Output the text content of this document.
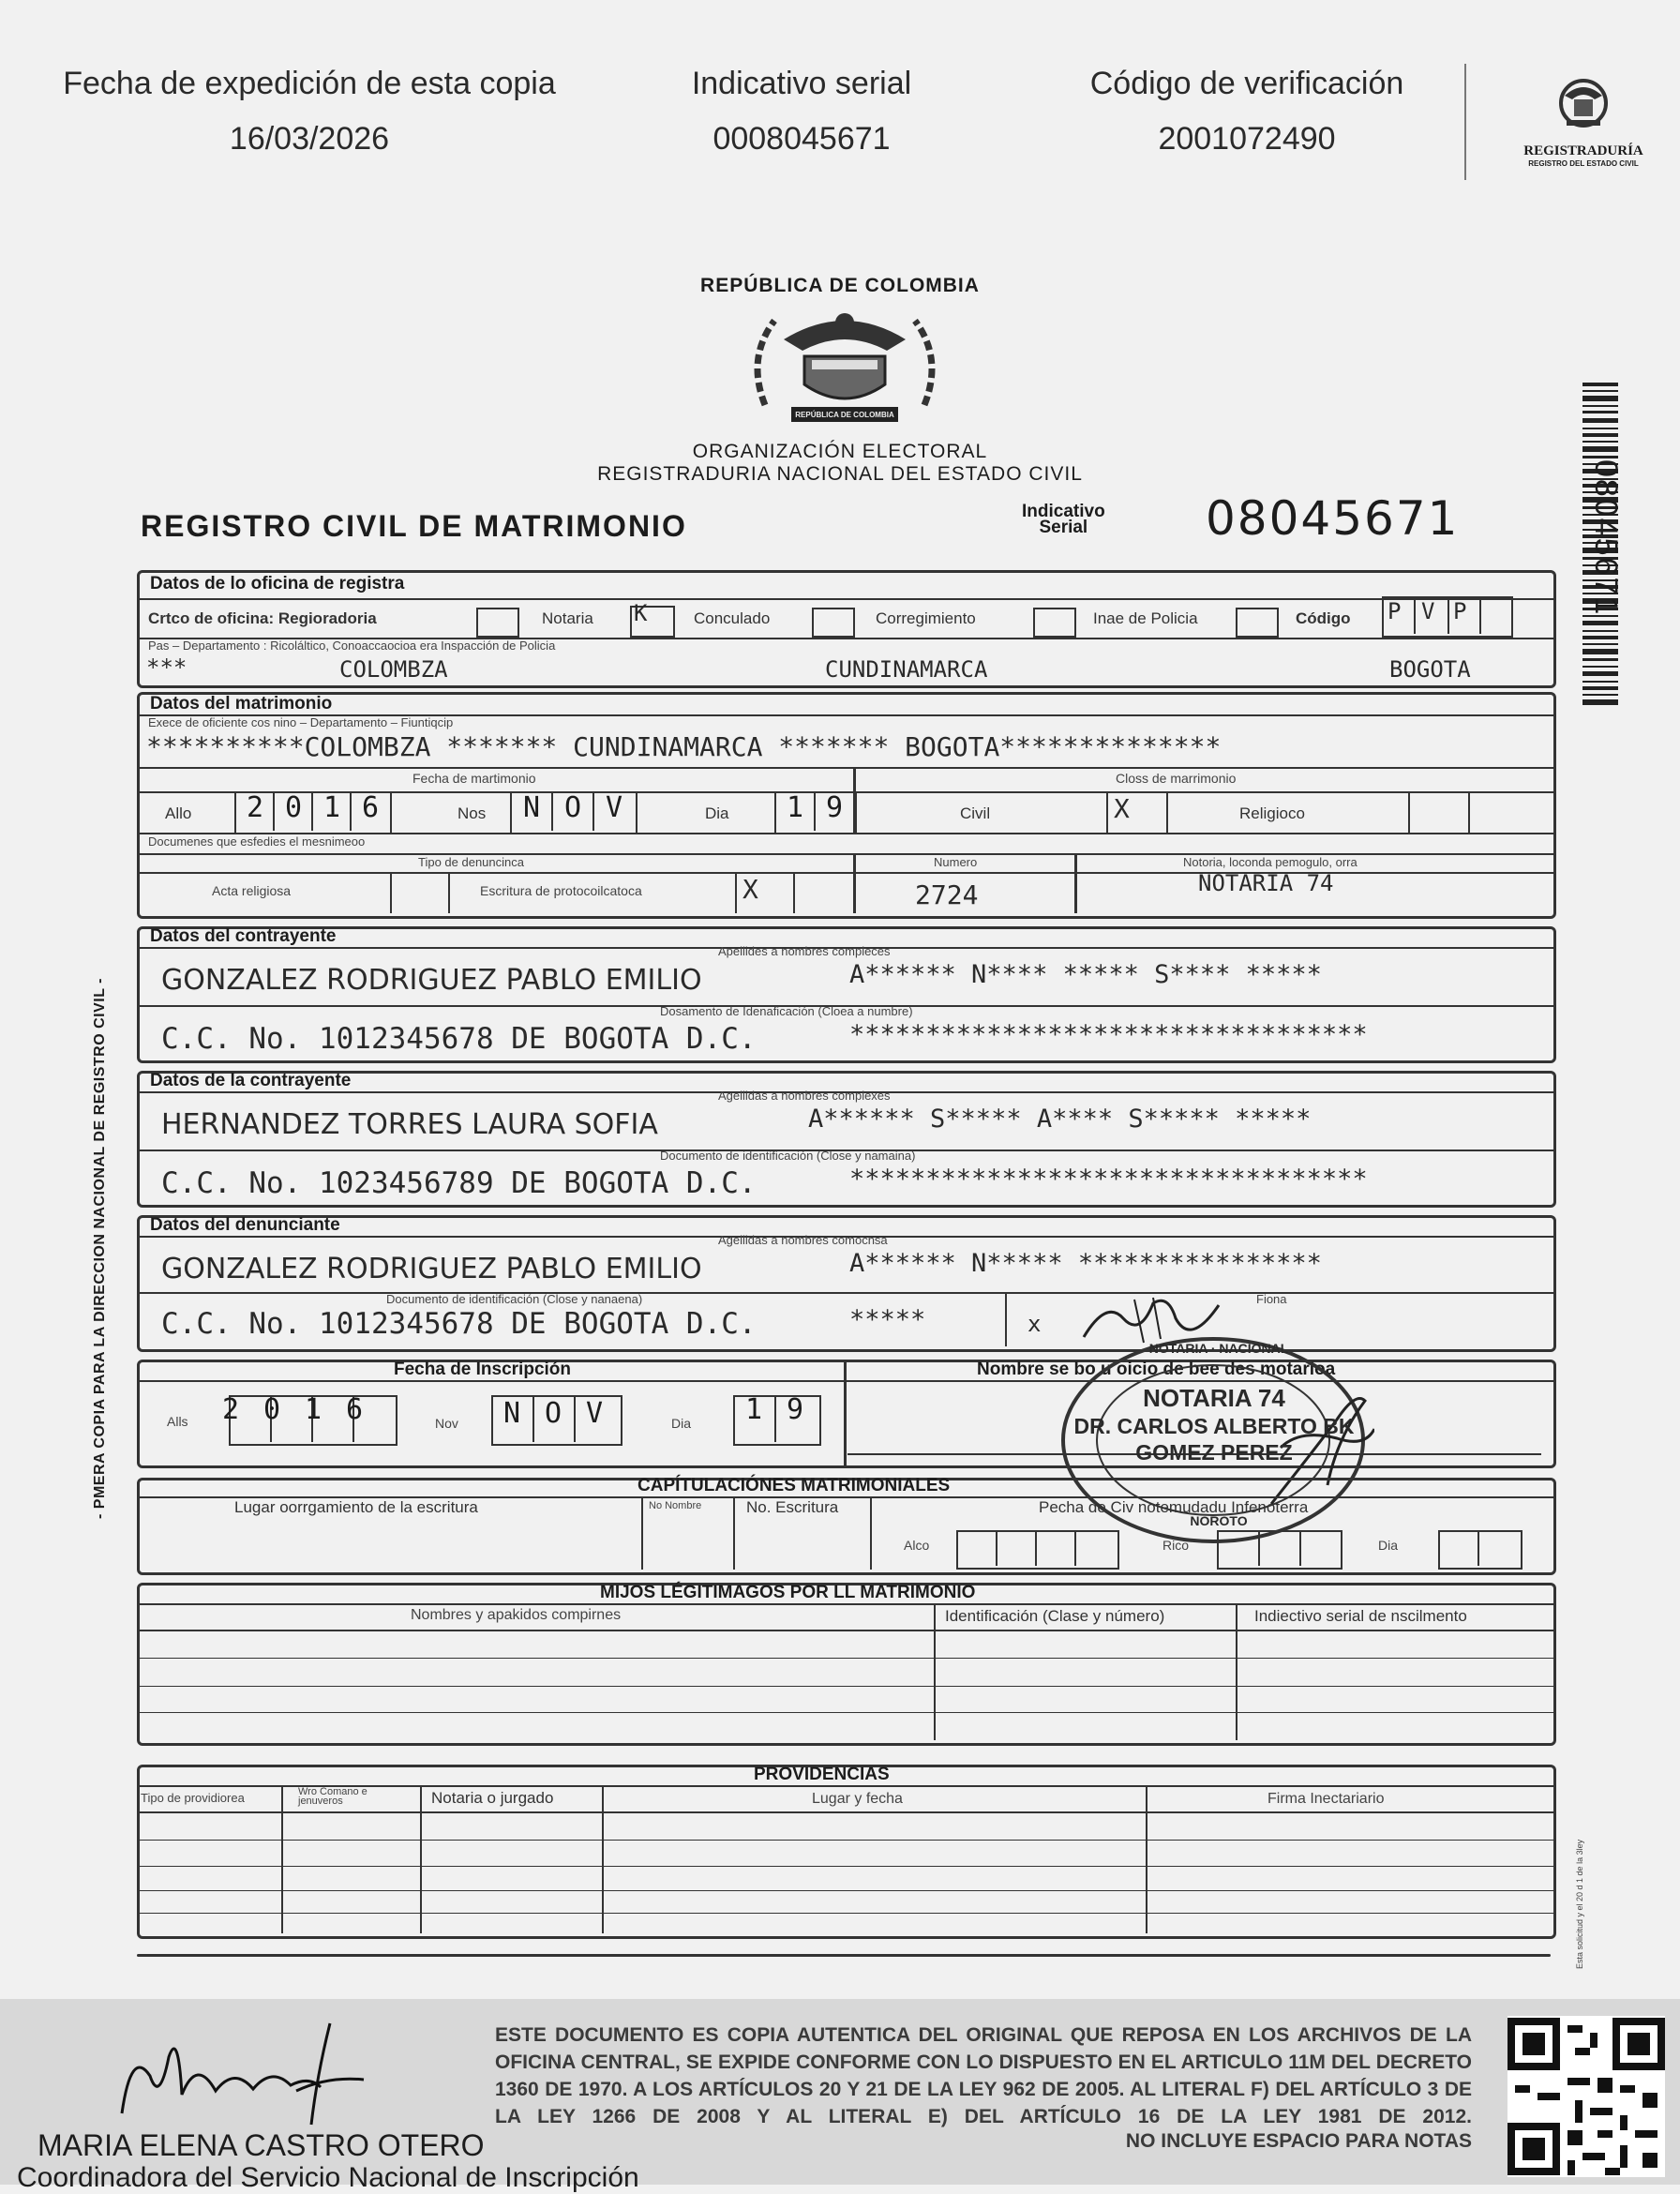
Fecha de expedición de esta copia
16/03/2026
Indicativo serial
0008045671
Código de verificación
2001072490	REGISTRADURÍA
REGISTRO DEL ESTADO CIVIL
REPÚBLICA DE COLOMBIA
REPÚBLICA DE COLOMBIA
ORGANIZACIÓN ELECTORAL
REGISTRADURIA NACIONAL DEL ESTADO CIVIL
REGISTRO CIVIL DE MATRIMONIO	Indicativo
Serial	08045671	08045671
- PMERA COPIA PARA LA DIRECCION NACIONAL DE REGISTRO CIVIL -
Datos de lo oficina de registra
Crtco de oficina: Regioradoria	Notaria K	Conculado	Corregimiento	Inae de Policia	Código P V P
Pas – Departamento : Ricoláltico, Conoaccaocioa era Inspacción de Policia
***	COLOMBZA	CUNDINAMARCA	BOGOTA
Datos del matrimonio
Exece de oficiente cos nino – Departamento – Fiuntiqcip
**********COLOMBZA ******* CUNDINAMARCA ******* BOGOTA**************
Fecha de martimonio	Closs de marrimonio
Allo 2 0 1 6	Nos	N O V	Dia 1 9	Civil	X	Religioco
Documenes que esfedies el mesnimeoo
Tipo de denuncinca	Numero	Notoria, loconda pemogulo, orra
Acta religiosa	Escritura de protocoilcatoca	X	2724	NOTARIA 74
Datos del contrayente
Apellides a nombres compleces
GONZALEZ RODRIGUEZ PABLO EMILIO	A****** N**** ***** S**** *****
Dosamento de Idenaficación (Cloea a numbre)
C.C. No. 1012345678 DE BOGOTA D.C.	**********************************
Datos de la contrayente
Agellidas a nombres complexes
HERNANDEZ TORRES LAURA SOFIA	A****** S***** A**** S***** *****
Documento de identificación (Close y namaina)
C.C. No. 1023456789 DE BOGOTA D.C.	**********************************
Datos del denunciante
Agellidas a nombres comocnsa
GONZALEZ RODRIGUEZ PABLO EMILIO	A****** N***** ****************
Documento de identificación (Close y nanaena)	Fiona
C.C. No. 1012345678 DE BOGOTA D.C.	*****	x
Fecha de Inscripción	Nombre se bo u oicio de bee des motarioa
Alls	2 0 1 6	Nov	N O V	Dia	1 9
NOTARIA · NACIONAL
NOTARIA 74
DR. CARLOS ALBERTO BK
GOMEZ PEREZ
NOROTO
CAPÍTULACIÓNES MATRIMONIALES
Lugar oorrgamiento de la escritura	No Nombre	No. Escritura	Pecha de Civ notemudadu Infenoterra
Alco	Rico	Dia
MIJOS LÉGITIMAGOS POR LL MATRIMONIO
Nombres y apakidos compirnes	Identificación (Clase y número)	Indiectivo serial de nscilmento
PROVIDENCIAS
Tipo de providiorea	Wro Comano e jenuveros	Notaria o jurgado	Lugar y fecha	Firma Inectariario
Esta solicitud y el 20 d 1 de la 3ley
MARIA ELENA CASTRO OTERO
Coordinadora del Servicio Nacional de Inscripción
ESTE DOCUMENTO ES COPIA AUTENTICA DEL ORIGINAL QUE REPOSA EN LOS ARCHIVOS DE LA OFICINA CENTRAL, SE EXPIDE CONFORME CON LO DISPUESTO EN EL ARTICULO 11M DEL DECRETO 1360 DE 1970. A LOS ARTÍCULOS 20 Y 21 DE LA LEY 962 DE 2005. AL LITERAL F) DEL ARTÍCULO 3 DE LA LEY 1266 DE 2008 Y AL LITERAL E) DEL ARTÍCULO 16 DE LA LEY 1981 DE 2012.
NO INCLUYE ESPACIO PARA NOTAS
